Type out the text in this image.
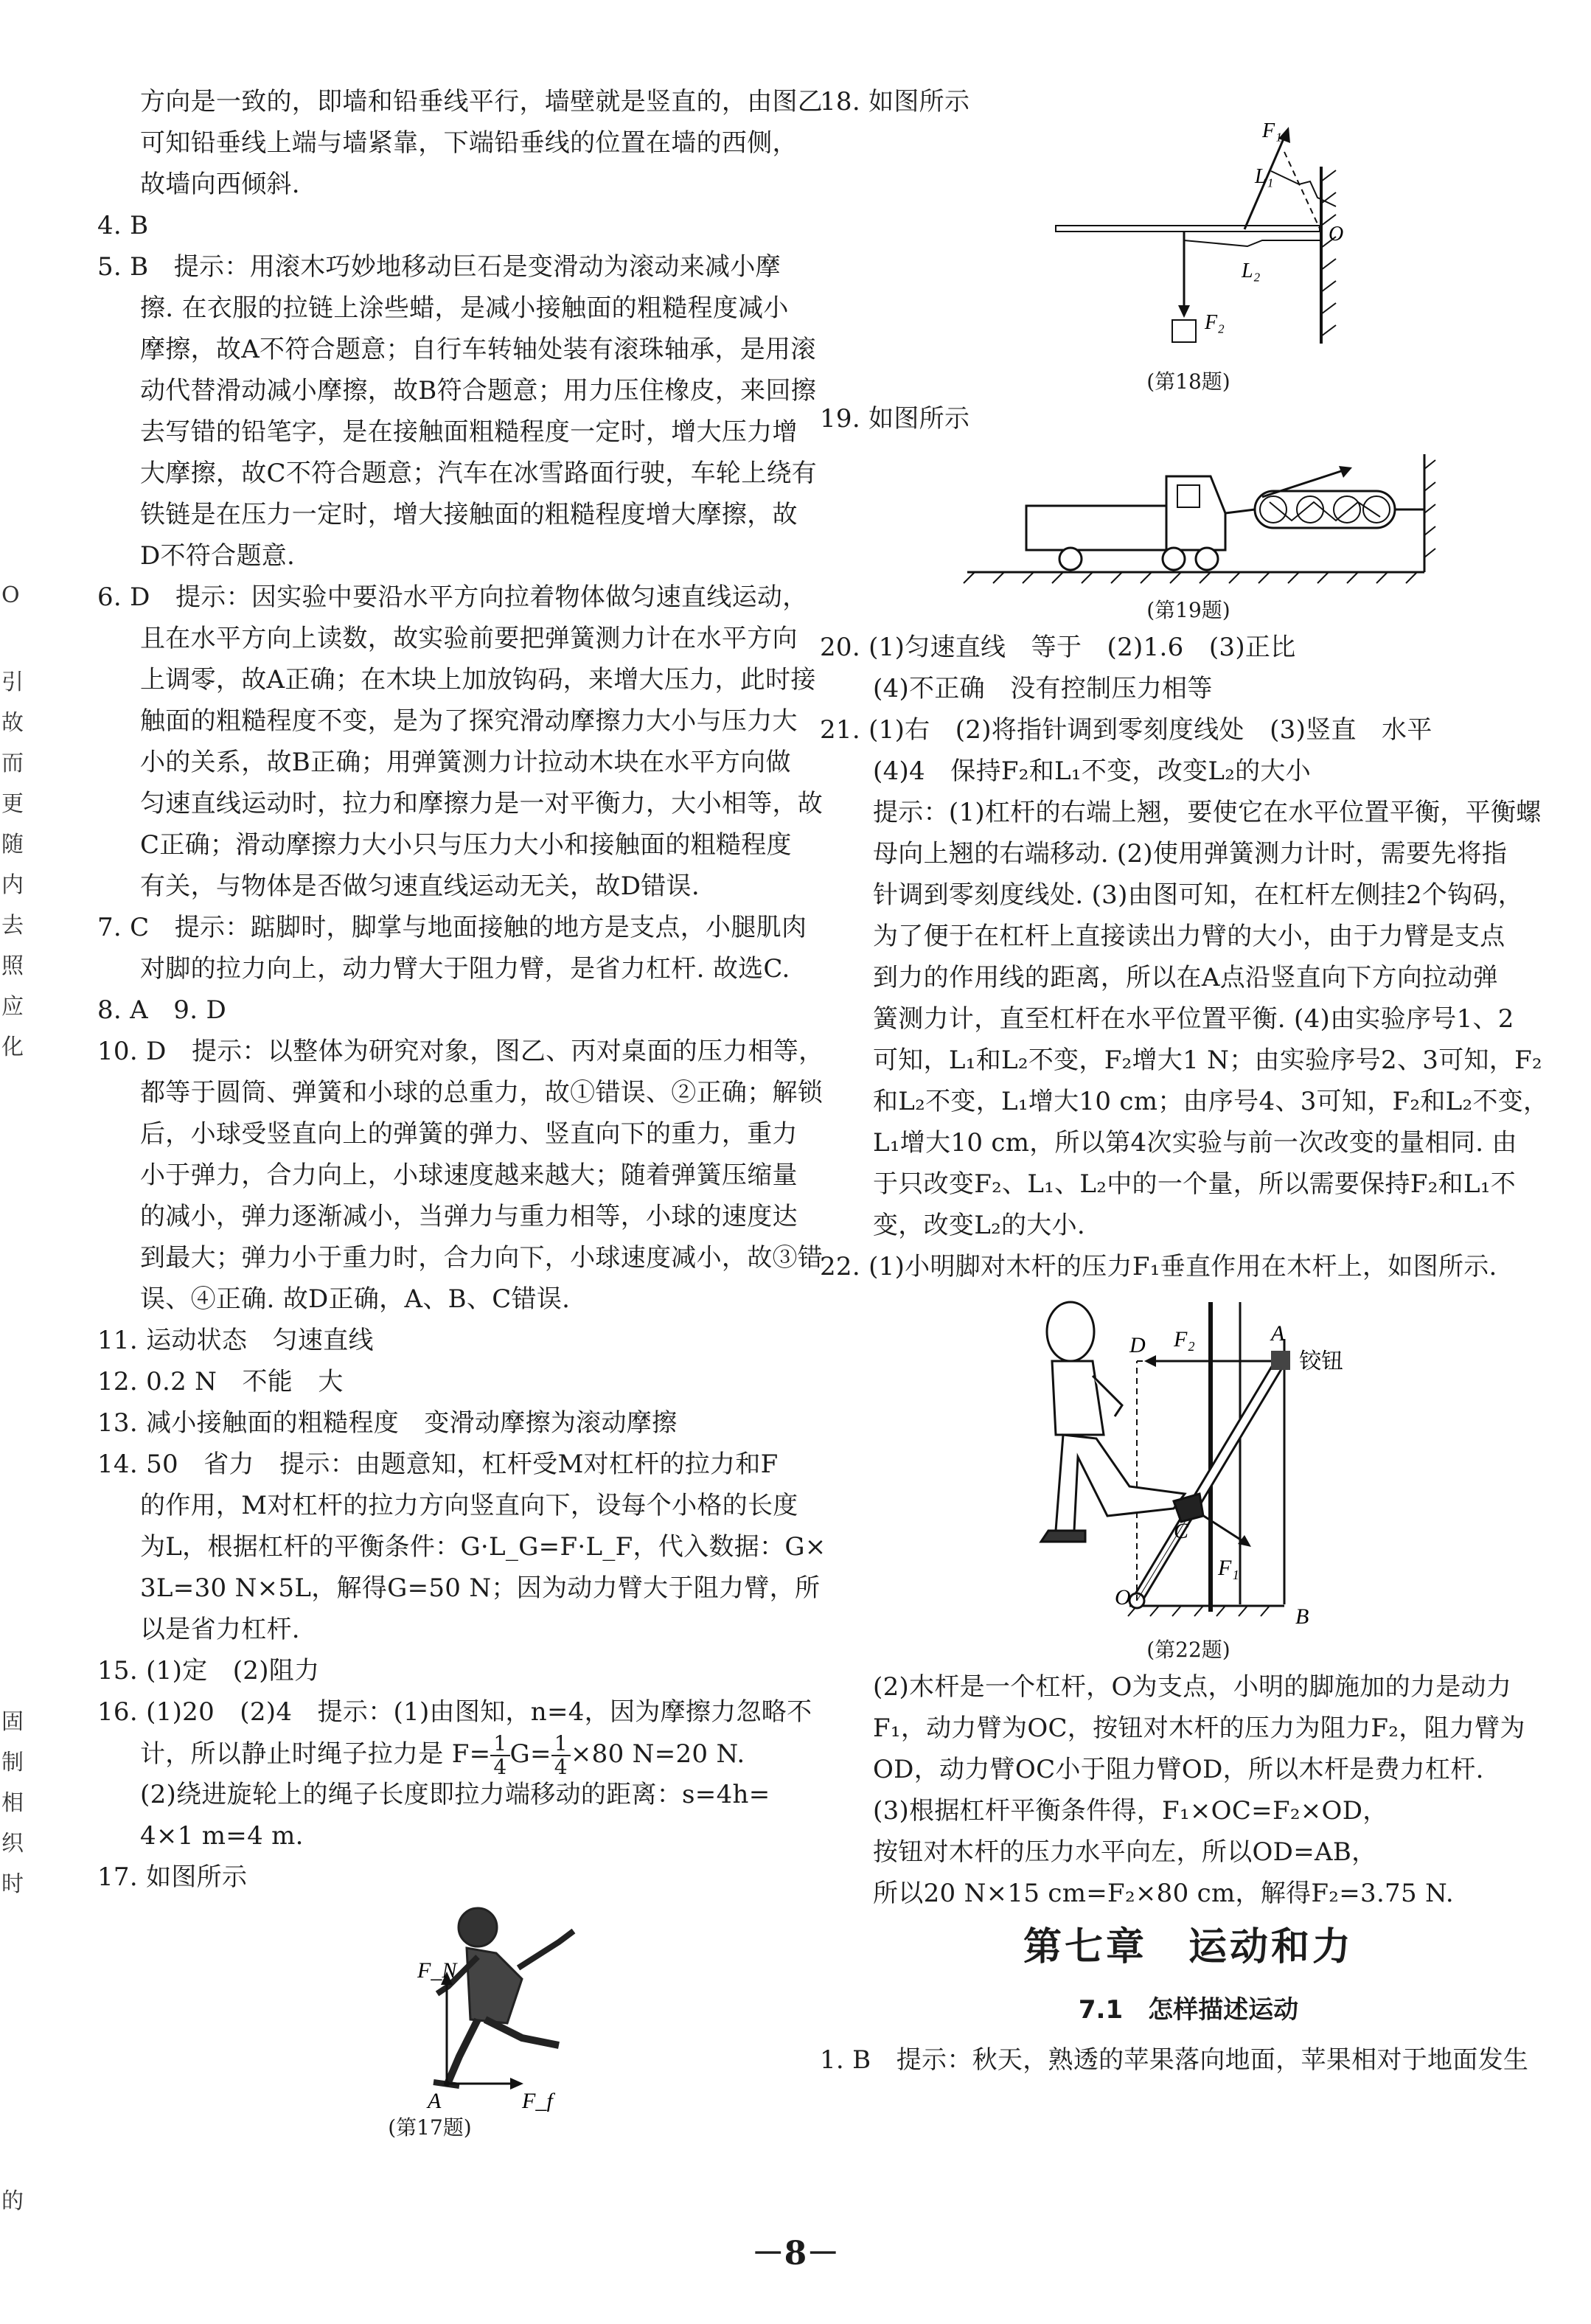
O
引
故
而
更
随
内
去
照
应
化
固
制
相
织
时
的
方向是一致的，即墙和铅垂线平行，墙壁就是竖直的，由图乙
可知铅垂线上端与墙紧靠，下端铅垂线的位置在墙的西侧，
故墙向西倾斜.
4. B
5. B　提示：用滚木巧妙地移动巨石是变滑动为滚动来减小摩
擦. 在衣服的拉链上涂些蜡，是减小接触面的粗糙程度减小
摩擦，故A不符合题意；自行车转轴处装有滚珠轴承，是用滚
动代替滑动减小摩擦，故B符合题意；用力压住橡皮，来回擦
去写错的铅笔字，是在接触面粗糙程度一定时，增大压力增
大摩擦，故C不符合题意；汽车在冰雪路面行驶，车轮上绕有
铁链是在压力一定时，增大接触面的粗糙程度增大摩擦，故
D不符合题意.
6. D　提示：因实验中要沿水平方向拉着物体做匀速直线运动，
且在水平方向上读数，故实验前要把弹簧测力计在水平方向
上调零，故A正确；在木块上加放钩码，来增大压力，此时接
触面的粗糙程度不变，是为了探究滑动摩擦力大小与压力大
小的关系，故B正确；用弹簧测力计拉动木块在水平方向做
匀速直线运动时，拉力和摩擦力是一对平衡力，大小相等，故
C正确；滑动摩擦力大小只与压力大小和接触面的粗糙程度
有关，与物体是否做匀速直线运动无关，故D错误.
7. C　提示：踮脚时，脚掌与地面接触的地方是支点，小腿肌肉
对脚的拉力向上，动力臂大于阻力臂，是省力杠杆. 故选C.
8. A　9. D
10. D　提示：以整体为研究对象，图乙、丙对桌面的压力相等，
都等于圆筒、弹簧和小球的总重力，故①错误、②正确；解锁
后，小球受竖直向上的弹簧的弹力、竖直向下的重力，重力
小于弹力，合力向上，小球速度越来越大；随着弹簧压缩量
的减小，弹力逐渐减小，当弹力与重力相等，小球的速度达
到最大；弹力小于重力时，合力向下，小球速度减小，故③错
误、④正确. 故D正确，A、B、C错误.
11. 运动状态　匀速直线
12. 0.2 N　不能　大
13. 减小接触面的粗糙程度　变滑动摩擦为滚动摩擦
14. 50　省力　提示：由题意知，杠杆受M对杠杆的拉力和F
的作用，M对杠杆的拉力方向竖直向下，设每个小格的长度
为L，根据杠杆的平衡条件：G·L_G=F·L_F，代入数据：G×
3L=30 N×5L，解得G=50 N；因为动力臂大于阻力臂，所
以是省力杠杆.
15. (1)定　(2)阻力
16. (1)20　(2)4　提示：(1)由图知，n=4，因为摩擦力忽略不
计，所以静止时绳子拉力是 $F= \frac{1}{4} G= \frac{1}{4} \times 80$ N=20 N.
(2)绕进旋轮上的绳子长度即拉力端移动的距离：s=4h=
4×1 m=4 m.
17. 如图所示
F_N
F_f
A
(第17题)
18. 如图所示
F₁
L₁
L₂
F₂
O
(第18题)
19. 如图所示
(第19题)
20. (1)匀速直线　等于　(2)1.6　(3)正比
(4)不正确　没有控制压力相等
21. (1)右　(2)将指针调到零刻度线处　(3)竖直　水平
(4)4　保持F₂和L₁不变，改变L₂的大小
提示：(1)杠杆的右端上翘，要使它在水平位置平衡，平衡螺
母向上翘的右端移动. (2)使用弹簧测力计时，需要先将指
针调到零刻度线处. (3)由图可知，在杠杆左侧挂2个钩码，
为了便于在杠杆上直接读出力臂的大小，由于力臂是支点
到力的作用线的距离，所以在A点沿竖直向下方向拉动弹
簧测力计，直至杠杆在水平位置平衡. (4)由实验序号1、2
可知，L₁和L₂不变，F₂增大1 N；由实验序号2、3可知，F₂
和L₂不变，L₁增大10 cm；由序号4、3可知，F₂和L₂不变，
L₁增大10 cm，所以第4次实验与前一次改变的量相同. 由
于只改变F₂、L₁、L₂中的一个量，所以需要保持F₂和L₁不
变，改变L₂的大小.
22. (1)小明脚对木杆的压力F₁垂直作用在木杆上，如图所示.
D F₂	A
铰钮
C
F₁
O
B
(第22题)
(2)木杆是一个杠杆，O为支点，小明的脚施加的力是动力
F₁，动力臂为OC，按钮对木杆的压力为阻力F₂，阻力臂为
OD，动力臂OC小于阻力臂OD，所以木杆是费力杠杆.
(3)根据杠杆平衡条件得，F₁×OC=F₂×OD，
按钮对木杆的压力水平向左，所以OD=AB，
所以20 N×15 cm=F₂×80 cm，解得F₂=3.75 N.
第七章　运动和力
7.1　怎样描述运动
1. B　提示：秋天，熟透的苹果落向地面，苹果相对于地面发生
－8－
